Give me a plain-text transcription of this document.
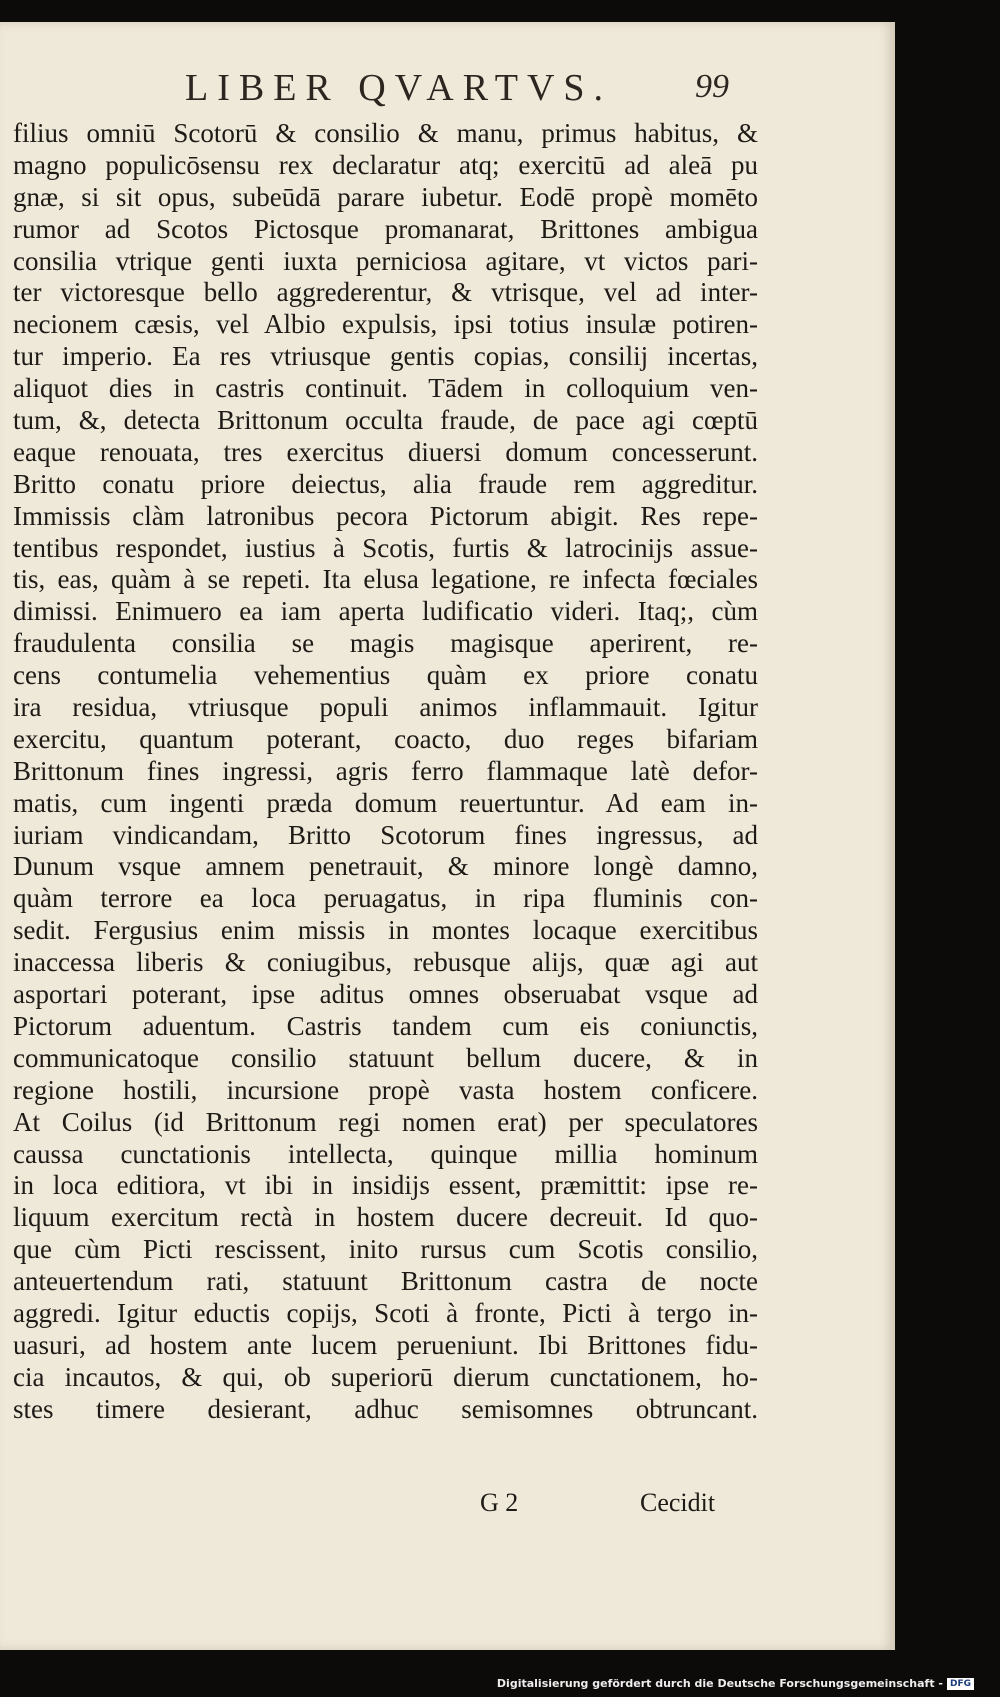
LIBER QVARTVS. 99
filius omniū Scotorū & consilio & manu, primus habitus, &
magno populicōsensu rex declaratur atq; exercitū ad aleā pu
gnæ, si sit opus, subeūdā parare iubetur. Eodē propè momēto
rumor ad Scotos Pictosque promanarat, Brittones ambigua
consilia vtrique genti iuxta perniciosa agitare, vt victos pari-
ter victoresque bello aggrederentur, & vtrisque, vel ad inter-
necionem cæsis, vel Albio expulsis, ipsi totius insulæ potiren-
tur imperio. Ea res vtriusque gentis copias, consilij incertas,
aliquot dies in castris continuit. Tādem in colloquium ven-
tum, &, detecta Brittonum occulta fraude, de pace agi cœptū
eaque renouata, tres exercitus diuersi domum concesserunt.
Britto conatu priore deiectus, alia fraude rem aggreditur.
Immissis clàm latronibus pecora Pictorum abigit. Res repe-
tentibus respondet, iustius à Scotis, furtis & latrocinijs assue-
tis, eas, quàm à se repeti. Ita elusa legatione, re infecta fœciales
dimissi. Enimuero ea iam aperta ludificatio videri. Itaq;, cùm
fraudulenta consilia se magis magisque aperirent, re-
cens contumelia vehementius quàm ex priore conatu
ira residua, vtriusque populi animos inflammauit. Igitur
exercitu, quantum poterant, coacto, duo reges bifariam
Brittonum fines ingressi, agris ferro flammaque latè defor-
matis, cum ingenti præda domum reuertuntur. Ad eam in-
iuriam vindicandam, Britto Scotorum fines ingressus, ad
Dunum vsque amnem penetrauit, & minore longè damno,
quàm terrore ea loca peruagatus, in ripa fluminis con-
sedit. Fergusius enim missis in montes locaque exercitibus
inaccessa liberis & coniugibus, rebusque alijs, quæ agi aut
asportari poterant, ipse aditus omnes obseruabat vsque ad
Pictorum aduentum. Castris tandem cum eis coniunctis,
communicatoque consilio statuunt bellum ducere, & in
regione hostili, incursione propè vasta hostem conficere.
At Coilus (id Brittonum regi nomen erat) per speculatores
caussa cunctationis intellecta, quinque millia hominum
in loca editiora, vt ibi in insidijs essent, præmittit: ipse re-
liquum exercitum rectà in hostem ducere decreuit. Id quo-
que cùm Picti rescissent, inito rursus cum Scotis consilio,
anteuertendum rati, statuunt Brittonum castra de nocte
aggredi. Igitur eductis copijs, Scoti à fronte, Picti à tergo in-
uasuri, ad hostem ante lucem perueniunt. Ibi Brittones fidu-
cia incautos, & qui, ob superiorū dierum cunctationem, ho-
stes timere desierant, adhuc semisomnes obtruncant.
G 2	Cecidit
Digitalisierung gefördert durch die Deutsche Forschungsgemeinschaft - DFG
